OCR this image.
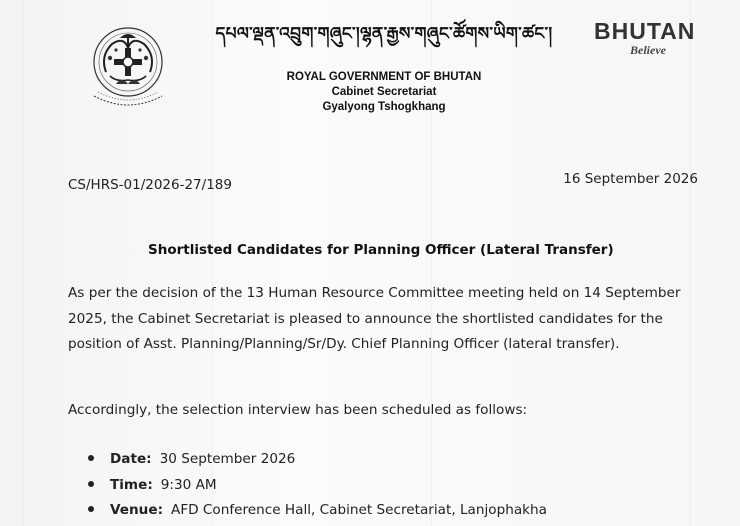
དཔལ་ལྡན་འབྲུག་གཞུང་།ལྷན་རྒྱས་གཞུང་ཚོགས་ཡིག་ཚང་།
ROYAL GOVERNMENT OF BHUTAN
Cabinet Secretariat
Gyalyong Tshogkhang
BHUTAN
Believe
CS/HRS-01/2026-27/189	16 September 2026
Shortlisted Candidates for Planning Officer (Lateral Transfer)
As per the decision of the 13 Human Resource Committee meeting held on 14 September 2025, the Cabinet Secretariat is pleased to announce the shortlisted candidates for the position of Asst. Planning/Planning/Sr/Dy. Chief Planning Officer (lateral transfer).
Accordingly, the selection interview has been scheduled as follows:
Date: 30 September 2026
Time: 9:30 AM
Venue: AFD Conference Hall, Cabinet Secretariat, Lanjophakha
